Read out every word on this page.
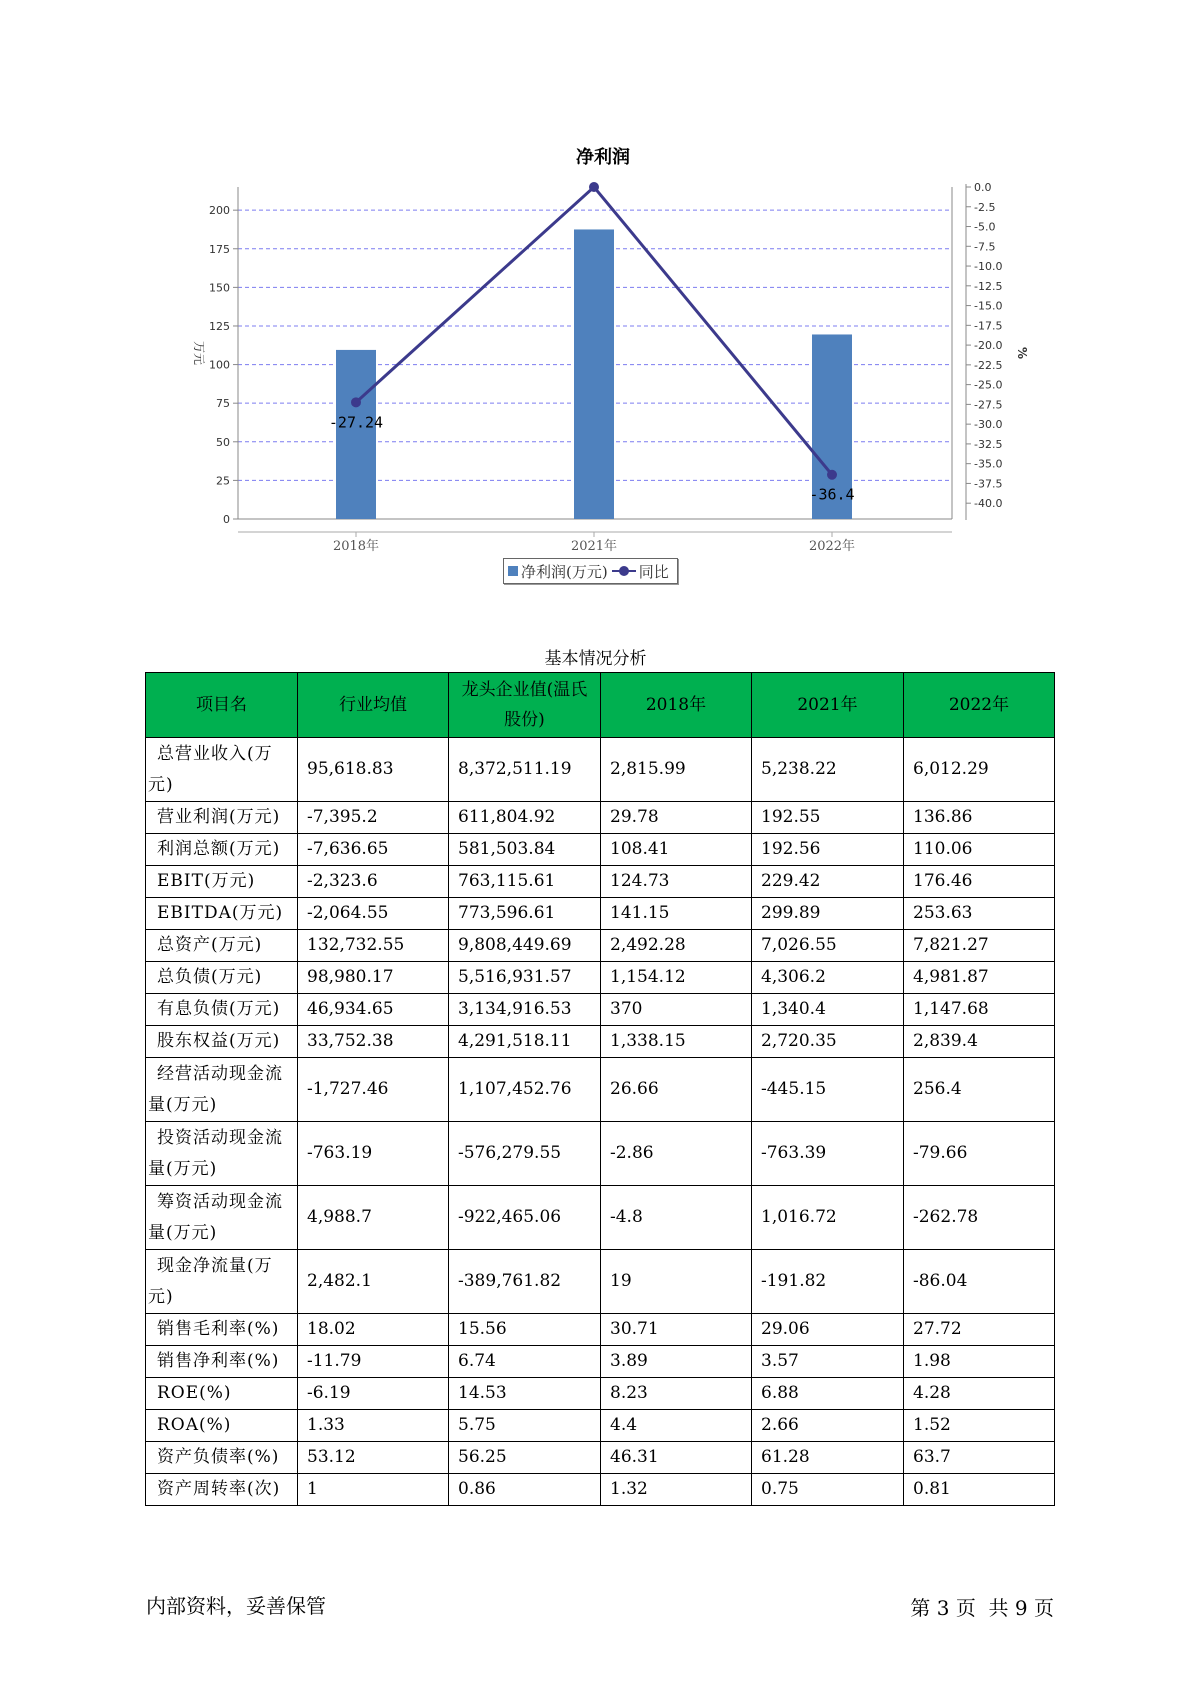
净利润
0
25
50
75
100
125
150
175
200
0.0
-2.5
-5.0
-7.5
-10.0
-12.5
-15.0
-17.5
-20.0
-22.5
-25.0
-27.5
-30.0
-32.5
-35.0
-37.5
-40.0
万元	%
2018年	2021年	2022年
-27.24
-36.4
净利润(万元) 同比
基本情况分析
项目名	行业均值	龙头企业值(温氏股份)	2018年	2021年	2022年

总营业收入(万元)	95,618.83	8,372,511.19	2,815.99	5,238.22	6,012.29

营业利润(万元)	-7,395.2	611,804.92	29.78	192.55	136.86

利润总额(万元)	-7,636.65	581,503.84	108.41	192.56	110.06

EBIT(万元)	-2,323.6	763,115.61	124.73	229.42	176.46

EBITDA(万元)	-2,064.55	773,596.61	141.15	299.89	253.63

总资产(万元)	132,732.55	9,808,449.69	2,492.28	7,026.55	7,821.27

总负债(万元)	98,980.17	5,516,931.57	1,154.12	4,306.2	4,981.87

有息负债(万元)	46,934.65	3,134,916.53	370	1,340.4	1,147.68

股东权益(万元)	33,752.38	4,291,518.11	1,338.15	2,720.35	2,839.4

经营活动现金流量(万元)	-1,727.46	1,107,452.76	26.66	-445.15	256.4

投资活动现金流量(万元)	-763.19	-576,279.55	-2.86	-763.39	-79.66

筹资活动现金流量(万元)	4,988.7	-922,465.06	-4.8	1,016.72	-262.78

现金净流量(万元)	2,482.1	-389,761.82	19	-191.82	-86.04

销售毛利率(%)	18.02	15.56	30.71	29.06	27.72

销售净利率(%)	-11.79	6.74	3.89	3.57	1.98

ROE(%)	-6.19	14.53	8.23	6.88	4.28

ROA(%)	1.33	5.75	4.4	2.66	1.52

资产负债率(%)	53.12	56.25	46.31	61.28	63.7

资产周转率(次)	1	0.86	1.32	0.75	0.81
内部资料，妥善保管	第 3 页  共 9 页
